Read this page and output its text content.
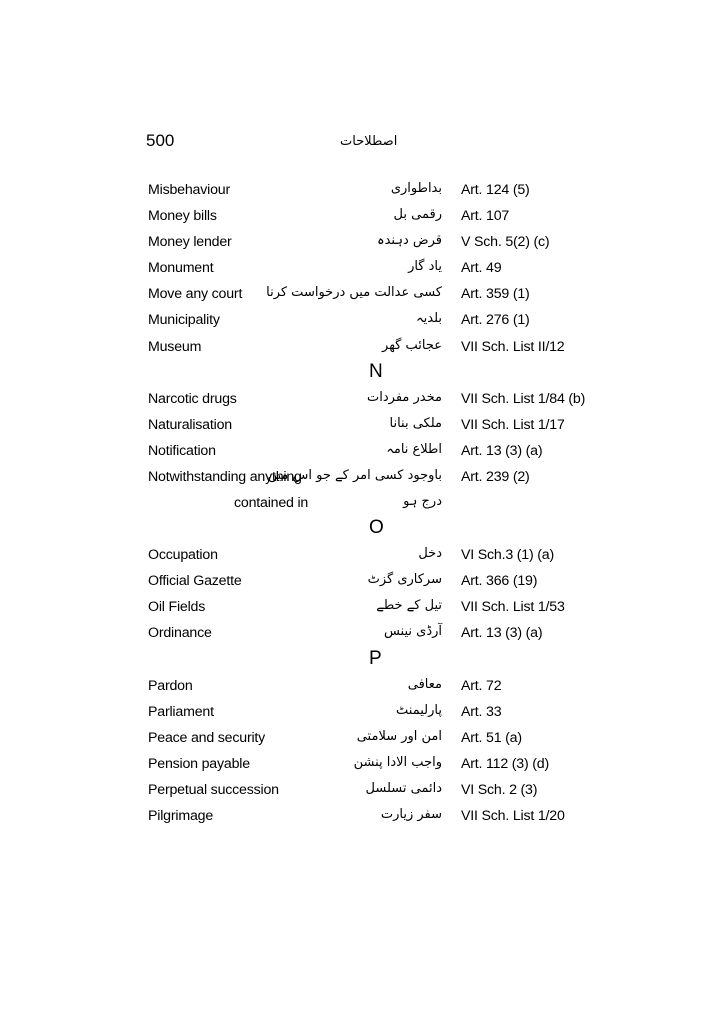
500	اصطلاحات
Misbehaviour	بداطواری Art. 124 (5)
Money bills	رقمی بل Art. 107
Money lender	قرض دہندہ V Sch. 5(2) (c)
Monument	یاد گار Art. 49
Move any court کسی عدالت میں درخواست کرنا Art. 359 (1)
Municipality	بلدیہ Art. 276 (1)
Museum	عجائب گھر VII Sch. List II/12
N
Narcotic drugs	مخدر مفردات VII Sch. List 1/84 (b)
Naturalisation	ملکی بنانا VII Sch. List 1/17
Notification	اطلاع نامہ Art. 13 (3) (a)
Notwithstanding anything
باوجود کسی امر کے جو اس میں Art. 239 (2)
contained in	درج ہو
O
Occupation	دخل VI Sch.3 (1) (a)
Official Gazette	سرکاری گزٹ Art. 366 (19)
Oil Fields	تیل کے خطے VII Sch. List 1/53
Ordinance	آرڈی نینس Art. 13 (3) (a)
P
Pardon	معافی Art. 72
Parliament	پارلیمنٹ Art. 33
Peace and security	امن اور سلامتی Art. 51 (a)
Pension payable	واجب الادا پنشن Art. 112 (3) (d)
Perpetual succession	دائمی تسلسل VI Sch. 2 (3)
Pilgrimage	سفر زیارت VII Sch. List 1/20
